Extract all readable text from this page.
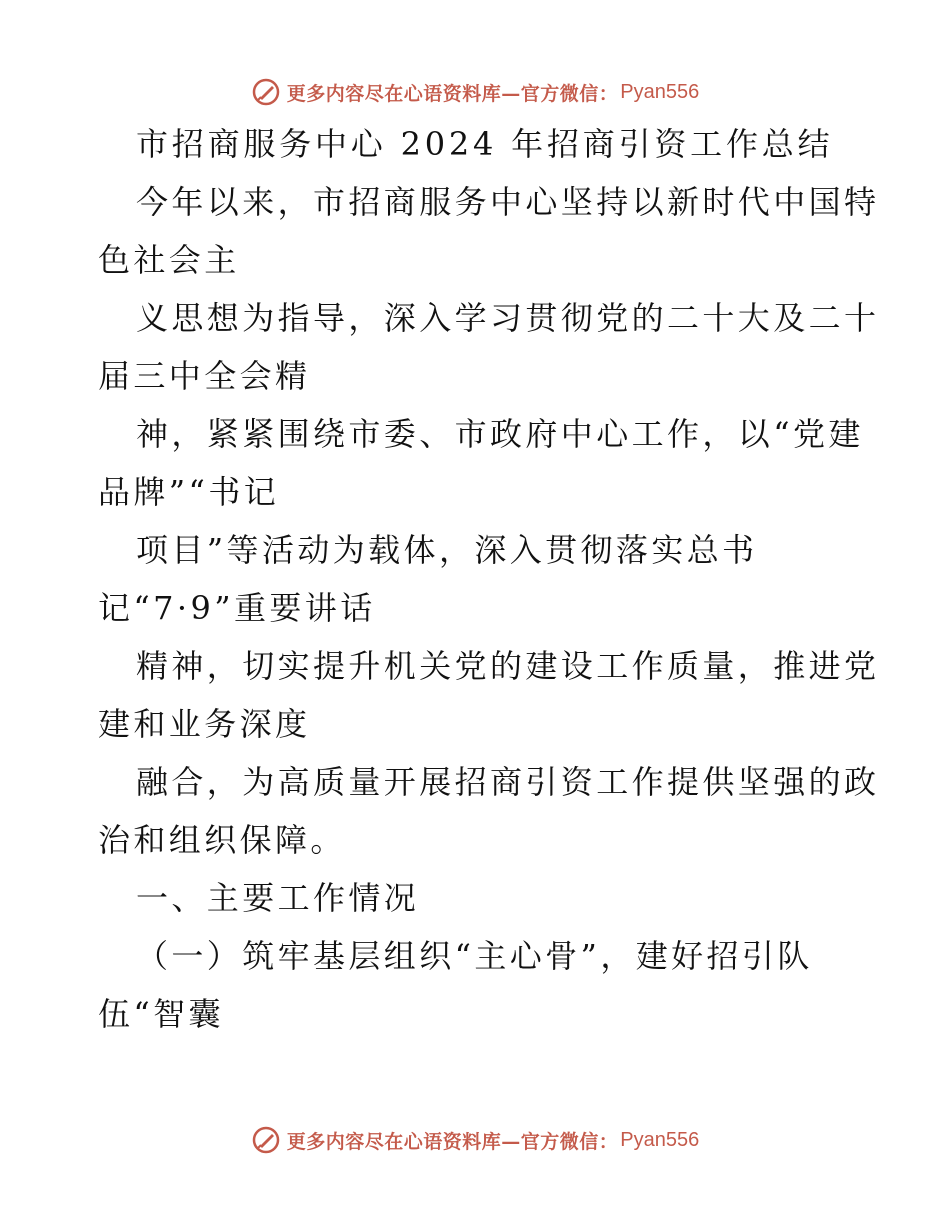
更多内容尽在心语资料库—官方微信： Pyan556
市招商服务中心 2024 年招商引资工作总结
今年以来，市招商服务中心坚持以新时代中国特
色社会主
义思想为指导，深入学习贯彻党的二十大及二十
届三中全会精
神，紧紧围绕市委、市政府中心工作，以“党建
品牌”“书记
项目”等活动为载体，深入贯彻落实总书
记“7·9”重要讲话
精神，切实提升机关党的建设工作质量，推进党
建和业务深度
融合，为高质量开展招商引资工作提供坚强的政
治和组织保障。
一、主要工作情况
（一）筑牢基层组织“主心骨”，建好招引队
伍“智囊
更多内容尽在心语资料库—官方微信： Pyan556
